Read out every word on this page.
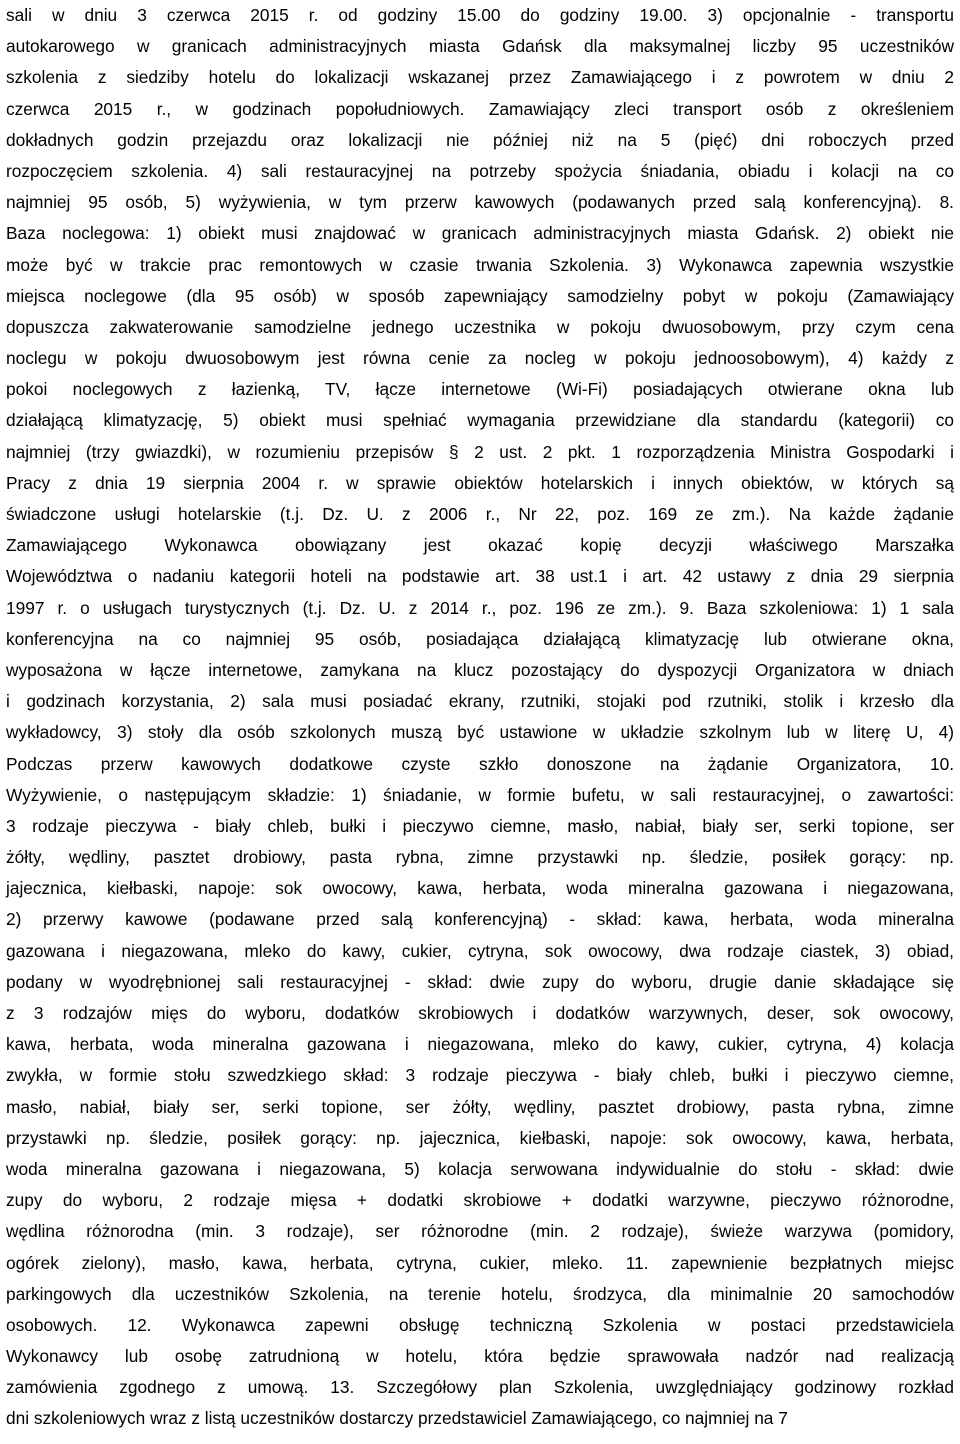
sali w dniu 3 czerwca 2015 r. od godziny 15.00 do godziny 19.00. 3) opcjonalnie - transportu
autokarowego w granicach administracyjnych miasta Gdańsk dla maksymalnej liczby 95 uczestników
szkolenia z siedziby hotelu do lokalizacji wskazanej przez Zamawiającego i z powrotem w dniu 2
czerwca 2015 r., w godzinach popołudniowych. Zamawiający zleci transport osób z określeniem
dokładnych godzin przejazdu oraz lokalizacji nie później niż na 5 (pięć) dni roboczych przed
rozpoczęciem szkolenia. 4) sali restauracyjnej na potrzeby spożycia śniadania, obiadu i kolacji na co
najmniej 95 osób, 5) wyżywienia, w tym przerw kawowych (podawanych przed salą konferencyjną). 8.
Baza noclegowa: 1) obiekt musi znajdować w granicach administracyjnych miasta Gdańsk. 2) obiekt nie
może być w trakcie prac remontowych w czasie trwania Szkolenia. 3) Wykonawca zapewnia wszystkie
miejsca noclegowe (dla 95 osób) w sposób zapewniający samodzielny pobyt w pokoju (Zamawiający
dopuszcza zakwaterowanie samodzielne jednego uczestnika w pokoju dwuosobowym, przy czym cena
noclegu w pokoju dwuosobowym jest równa cenie za nocleg w pokoju jednoosobowym), 4) każdy z
pokoi noclegowych z łazienką, TV, łącze internetowe (Wi-Fi) posiadających otwierane okna lub
działającą klimatyzację, 5) obiekt musi spełniać wymagania przewidziane dla standardu (kategorii) co
najmniej (trzy gwiazdki), w rozumieniu przepisów § 2 ust. 2 pkt. 1 rozporządzenia Ministra Gospodarki i
Pracy z dnia 19 sierpnia 2004 r. w sprawie obiektów hotelarskich i innych obiektów, w których są
świadczone usługi hotelarskie (t.j. Dz. U. z 2006 r., Nr 22, poz. 169 ze zm.). Na każde żądanie
Zamawiającego Wykonawca obowiązany jest okazać kopię decyzji właściwego Marszałka
Województwa o nadaniu kategorii hoteli na podstawie art. 38 ust.1 i art. 42 ustawy z dnia 29 sierpnia
1997 r. o usługach turystycznych (t.j. Dz. U. z 2014 r., poz. 196 ze zm.). 9. Baza szkoleniowa: 1) 1 sala
konferencyjna na co najmniej 95 osób, posiadająca działającą klimatyzację lub otwierane okna,
wyposażona w łącze internetowe, zamykana na klucz pozostający do dyspozycji Organizatora w dniach
i godzinach korzystania, 2) sala musi posiadać ekrany, rzutniki, stojaki pod rzutniki, stolik i krzesło dla
wykładowcy, 3) stoły dla osób szkolonych muszą być ustawione w układzie szkolnym lub w literę U, 4)
Podczas przerw kawowych dodatkowe czyste szkło donoszone na żądanie Organizatora, 10.
Wyżywienie, o następującym składzie: 1) śniadanie, w formie bufetu, w sali restauracyjnej, o zawartości:
3 rodzaje pieczywa - biały chleb, bułki i pieczywo ciemne, masło, nabiał, biały ser, serki topione, ser
żółty, wędliny, pasztet drobiowy, pasta rybna, zimne przystawki np. śledzie, posiłek gorący: np.
jajecznica, kiełbaski, napoje: sok owocowy, kawa, herbata, woda mineralna gazowana i niegazowana,
2) przerwy kawowe (podawane przed salą konferencyjną) - skład: kawa, herbata, woda mineralna
gazowana i niegazowana, mleko do kawy, cukier, cytryna, sok owocowy, dwa rodzaje ciastek, 3) obiad,
podany w wyodrębnionej sali restauracyjnej - skład: dwie zupy do wyboru, drugie danie składające się
z 3 rodzajów mięs do wyboru, dodatków skrobiowych i dodatków warzywnych, deser, sok owocowy,
kawa, herbata, woda mineralna gazowana i niegazowana, mleko do kawy, cukier, cytryna, 4) kolacja
zwykła, w formie stołu szwedzkiego skład: 3 rodzaje pieczywa - biały chleb, bułki i pieczywo ciemne,
masło, nabiał, biały ser, serki topione, ser żółty, wędliny, pasztet drobiowy, pasta rybna, zimne
przystawki np. śledzie, posiłek gorący: np. jajecznica, kiełbaski, napoje: sok owocowy, kawa, herbata,
woda mineralna gazowana i niegazowana, 5) kolacja serwowana indywidualnie do stołu - skład: dwie
zupy do wyboru, 2 rodzaje mięsa + dodatki skrobiowe + dodatki warzywne, pieczywo różnorodne,
wędlina różnorodna (min. 3 rodzaje), ser różnorodne (min. 2 rodzaje), świeże warzywa (pomidory,
ogórek zielony), masło, kawa, herbata, cytryna, cukier, mleko. 11. zapewnienie bezpłatnych miejsc
parkingowych dla uczestników Szkolenia, na terenie hotelu, środzyca, dla minimalnie 20 samochodów
osobowych. 12. Wykonawca zapewni obsługę techniczną Szkolenia w postaci przedstawiciela
Wykonawcy lub osobę zatrudnioną w hotelu, która będzie sprawowała nadzór nad realizacją
zamówienia zgodnego z umową. 13. Szczegółowy plan Szkolenia, uwzględniający godzinowy rozkład
dni szkoleniowych wraz z listą uczestników dostarczy przedstawiciel Zamawiającego, co najmniej na 7
